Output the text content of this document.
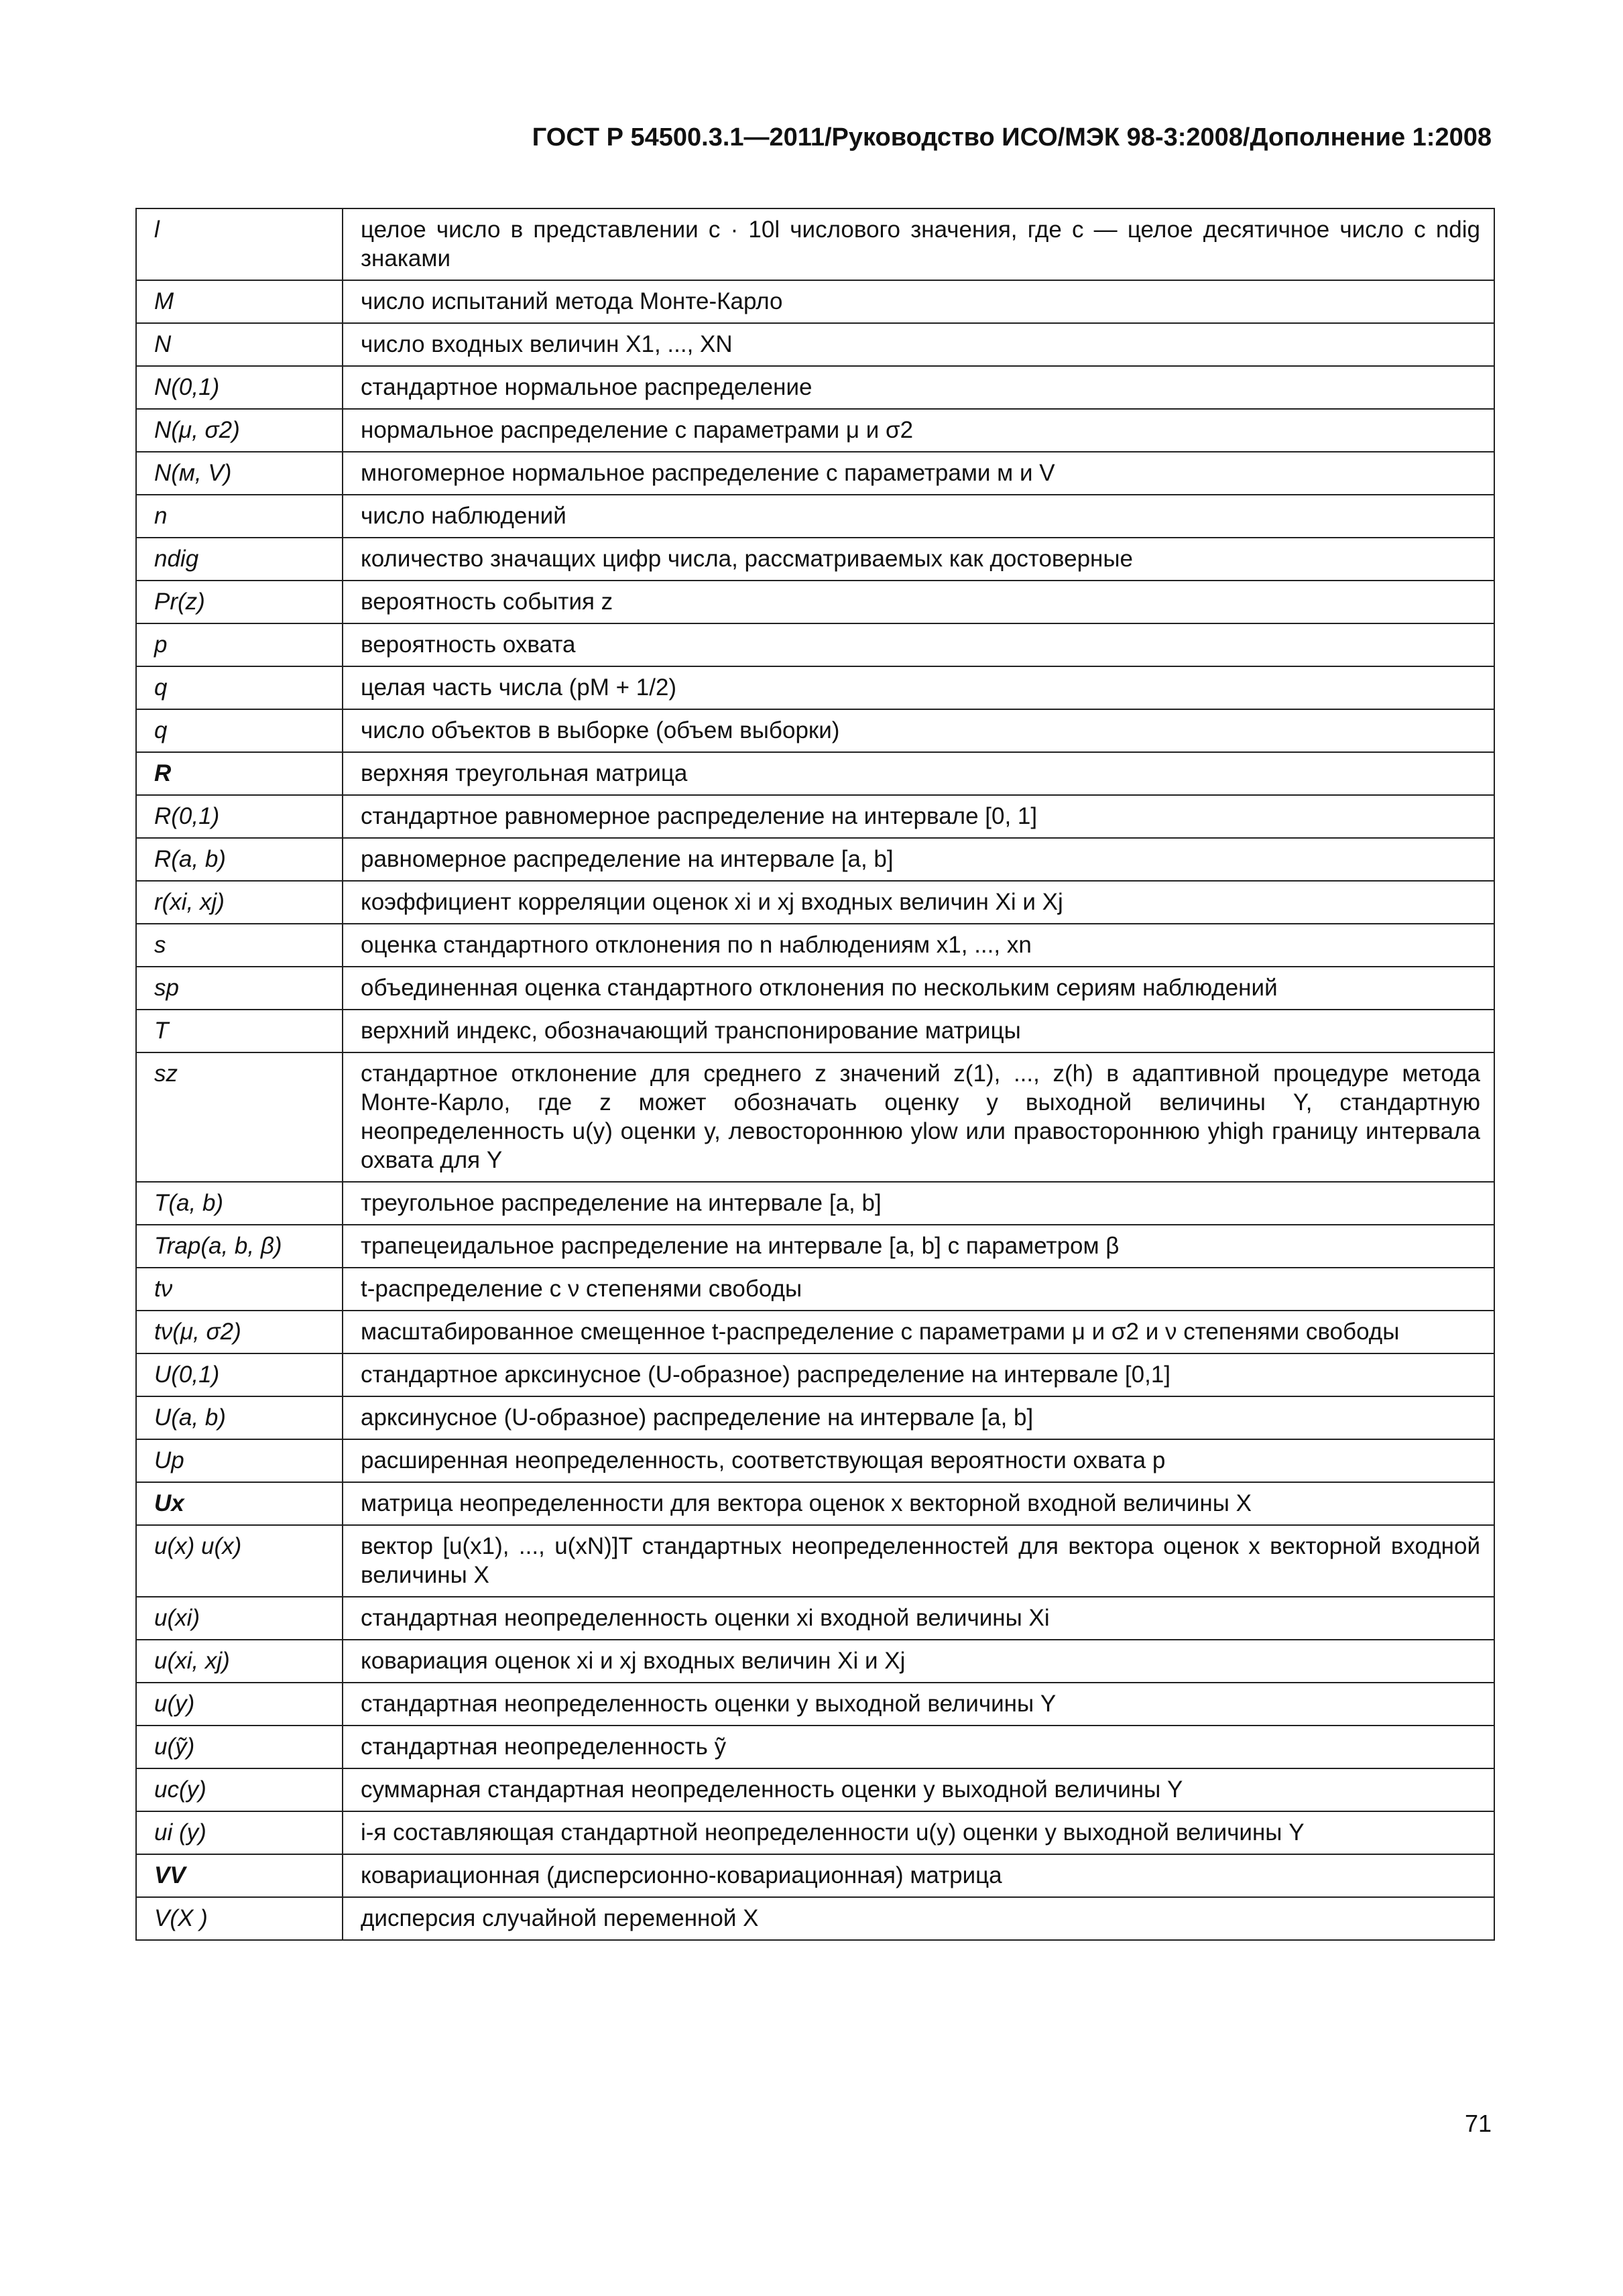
ГОСТ Р 54500.3.1—2011/Руководство ИСО/МЭК 98-3:2008/Дополнение 1:2008
l	целое число в представлении c · 10l числового значения, где c — целое десятичное число с ndig знаками
M	число испытаний метода Монте-Карло
N	число входных величин X1, ..., XN
N(0,1)	стандартное нормальное распределение
N(μ, σ2)	нормальное распределение с параметрами μ и σ2
N(м, V)	многомерное нормальное распределение с параметрами м и V
n	число наблюдений
ndig	количество значащих цифр числа, рассматриваемых как достоверные
Pr(z)	вероятность события z
p	вероятность охвата
q	целая часть числа (pM + 1/2)
q	число объектов в выборке (объем выборки)
R	верхняя треугольная матрица
R(0,1)	стандартное равномерное распределение на интервале [0, 1]
R(a, b)	равномерное распределение на интервале [a, b]
r(xi, xj)	коэффициент корреляции оценок xi и xj входных величин Xi и Xj
s	оценка стандартного отклонения по n наблюдениям x1, ..., xn
sp	объединенная оценка стандартного отклонения по нескольким сериям наблюдений
T	верхний индекс, обозначающий транспонирование матрицы
sz	стандартное отклонение для среднего z значений z(1), ..., z(h) в адаптивной процедуре метода Монте-Карло, где z может обозначать оценку y выходной величины Y, стандартную неопределенность u(y) оценки y, левостороннюю ylow или правостороннюю yhigh границу интервала охвата для Y
T(a, b)	треугольное распределение на интервале [a, b]
Trap(a, b, β)	трапецеидальное распределение на интервале [a, b] с параметром β
tν	t-распределение с ν степенями свободы
tν(μ, σ2)	масштабированное смещенное t-распределение с параметрами μ и σ2 и ν степенями свободы
U(0,1)	стандартное арксинусное (U-образное) распределение на интервале [0,1]
U(a, b)	арксинусное (U-образное) распределение на интервале [a, b]
Up	расширенная неопределенность, соответствующая вероятности охвата p
Ux	матрица неопределенности для вектора оценок x векторной входной величины X
u(x) u(x)	вектор [u(x1), ..., u(xN)]T стандартных неопределенностей для вектора оценок x векторной входной величины X
u(xi)	стандартная неопределенность оценки xi входной величины Xi
u(xi, xj)	ковариация оценок xi и xj входных величин Xi и Xj
u(y)	стандартная неопределенность оценки y выходной величины Y
u(ỹ)	стандартная неопределенность ỹ
uc(y)	суммарная стандартная неопределенность оценки y выходной величины Y
ui (y)	i-я составляющая стандартной неопределенности u(y) оценки y выходной величины Y
VV	ковариационная (дисперсионно-ковариационная) матрица
V(X )	дисперсия случайной переменной X
71
